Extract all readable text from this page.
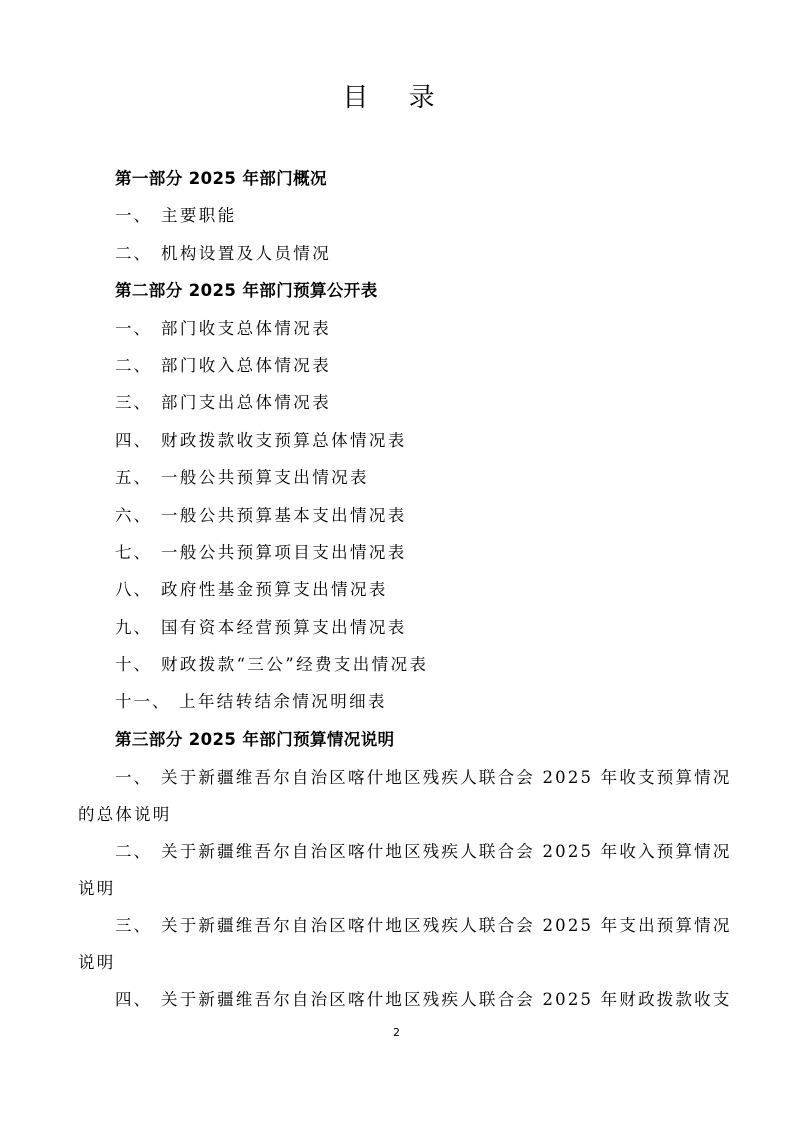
目 录
第一部分 2025 年部门概况
一、 主要职能
二、 机构设置及人员情况
第二部分 2025 年部门预算公开表
一、 部门收支总体情况表
二、 部门收入总体情况表
三、 部门支出总体情况表
四、 财政拨款收支预算总体情况表
五、 一般公共预算支出情况表
六、 一般公共预算基本支出情况表
七、 一般公共预算项目支出情况表
八、 政府性基金预算支出情况表
九、 国有资本经营预算支出情况表
十、 财政拨款“三公”经费支出情况表
十一、 上年结转结余情况明细表
第三部分 2025 年部门预算情况说明
一、 关于新疆维吾尔自治区喀什地区残疾人联合会 2025 年收支预算情况
的总体说明
二、 关于新疆维吾尔自治区喀什地区残疾人联合会 2025 年收入预算情况
说明
三、 关于新疆维吾尔自治区喀什地区残疾人联合会 2025 年支出预算情况
说明
四、 关于新疆维吾尔自治区喀什地区残疾人联合会 2025 年财政拨款收支
2
